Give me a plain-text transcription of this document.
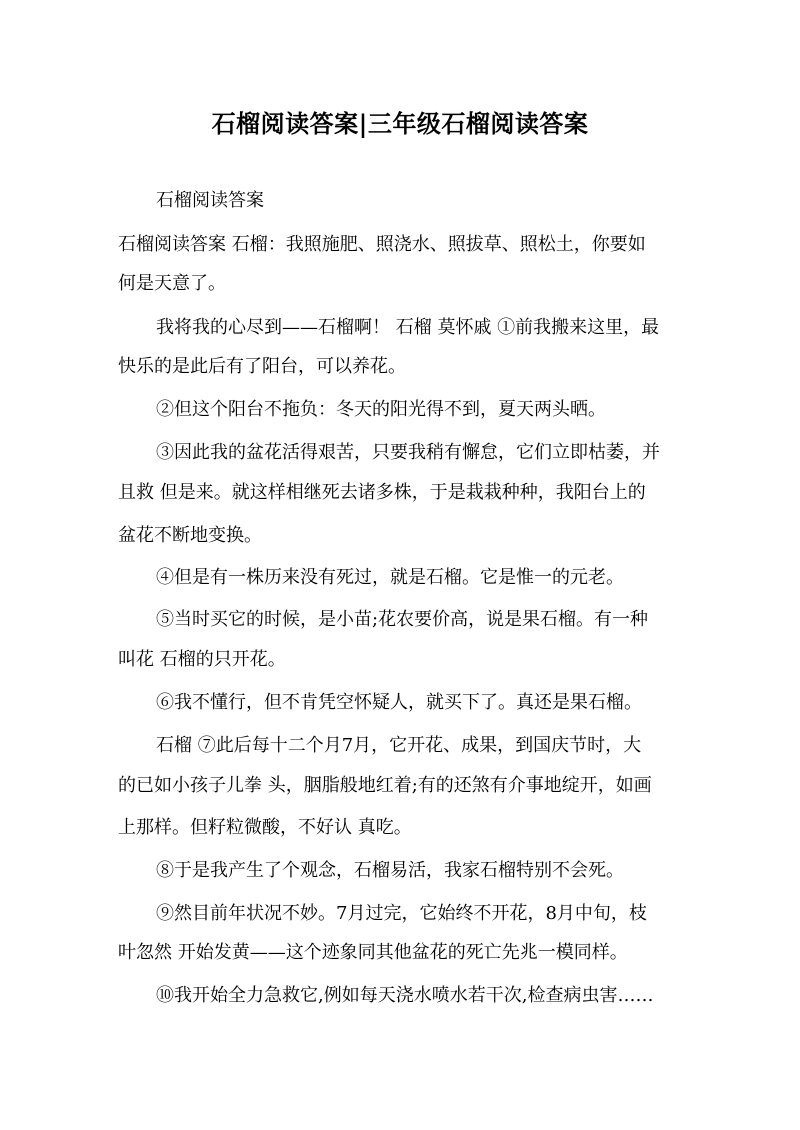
石榴阅读答案|三年级石榴阅读答案
石榴阅读答案
石榴阅读答案 石榴：我照施肥、照浇水、照拔草、照松土，你要如
何是天意了。
我将我的心尽到——石榴啊！ 石榴 莫怀戚 ①前我搬来这里，最
快乐的是此后有了阳台，可以养花。
②但这个阳台不拖负：冬天的阳光得不到，夏天两头晒。
③因此我的盆花活得艰苦，只要我稍有懈怠，它们立即枯萎，并
且救 但是来。就这样相继死去诸多株，于是栽栽种种，我阳台上的
盆花不断地变换。
④但是有一株历来没有死过，就是石榴。它是惟一的元老。
⑤当时买它的时候，是小苗;花农要价高，说是果石榴。有一种
叫花 石榴的只开花。
⑥我不懂行，但不肯凭空怀疑人，就买下了。真还是果石榴。
石榴 ⑦此后每十二个月7月，它开花、成果，到国庆节时，大
的已如小孩子儿拳 头，胭脂般地红着;有的还煞有介事地绽开，如画
上那样。但籽粒微酸，不好认 真吃。
⑧于是我产生了个观念，石榴易活，我家石榴特别不会死。
⑨然目前年状况不妙。7月过完，它始终不开花，8月中旬，枝
叶忽然 开始发黄——这个迹象同其他盆花的死亡先兆一模同样。
⑩我开始全力急救它,例如每天浇水喷水若干次,检查病虫害……
